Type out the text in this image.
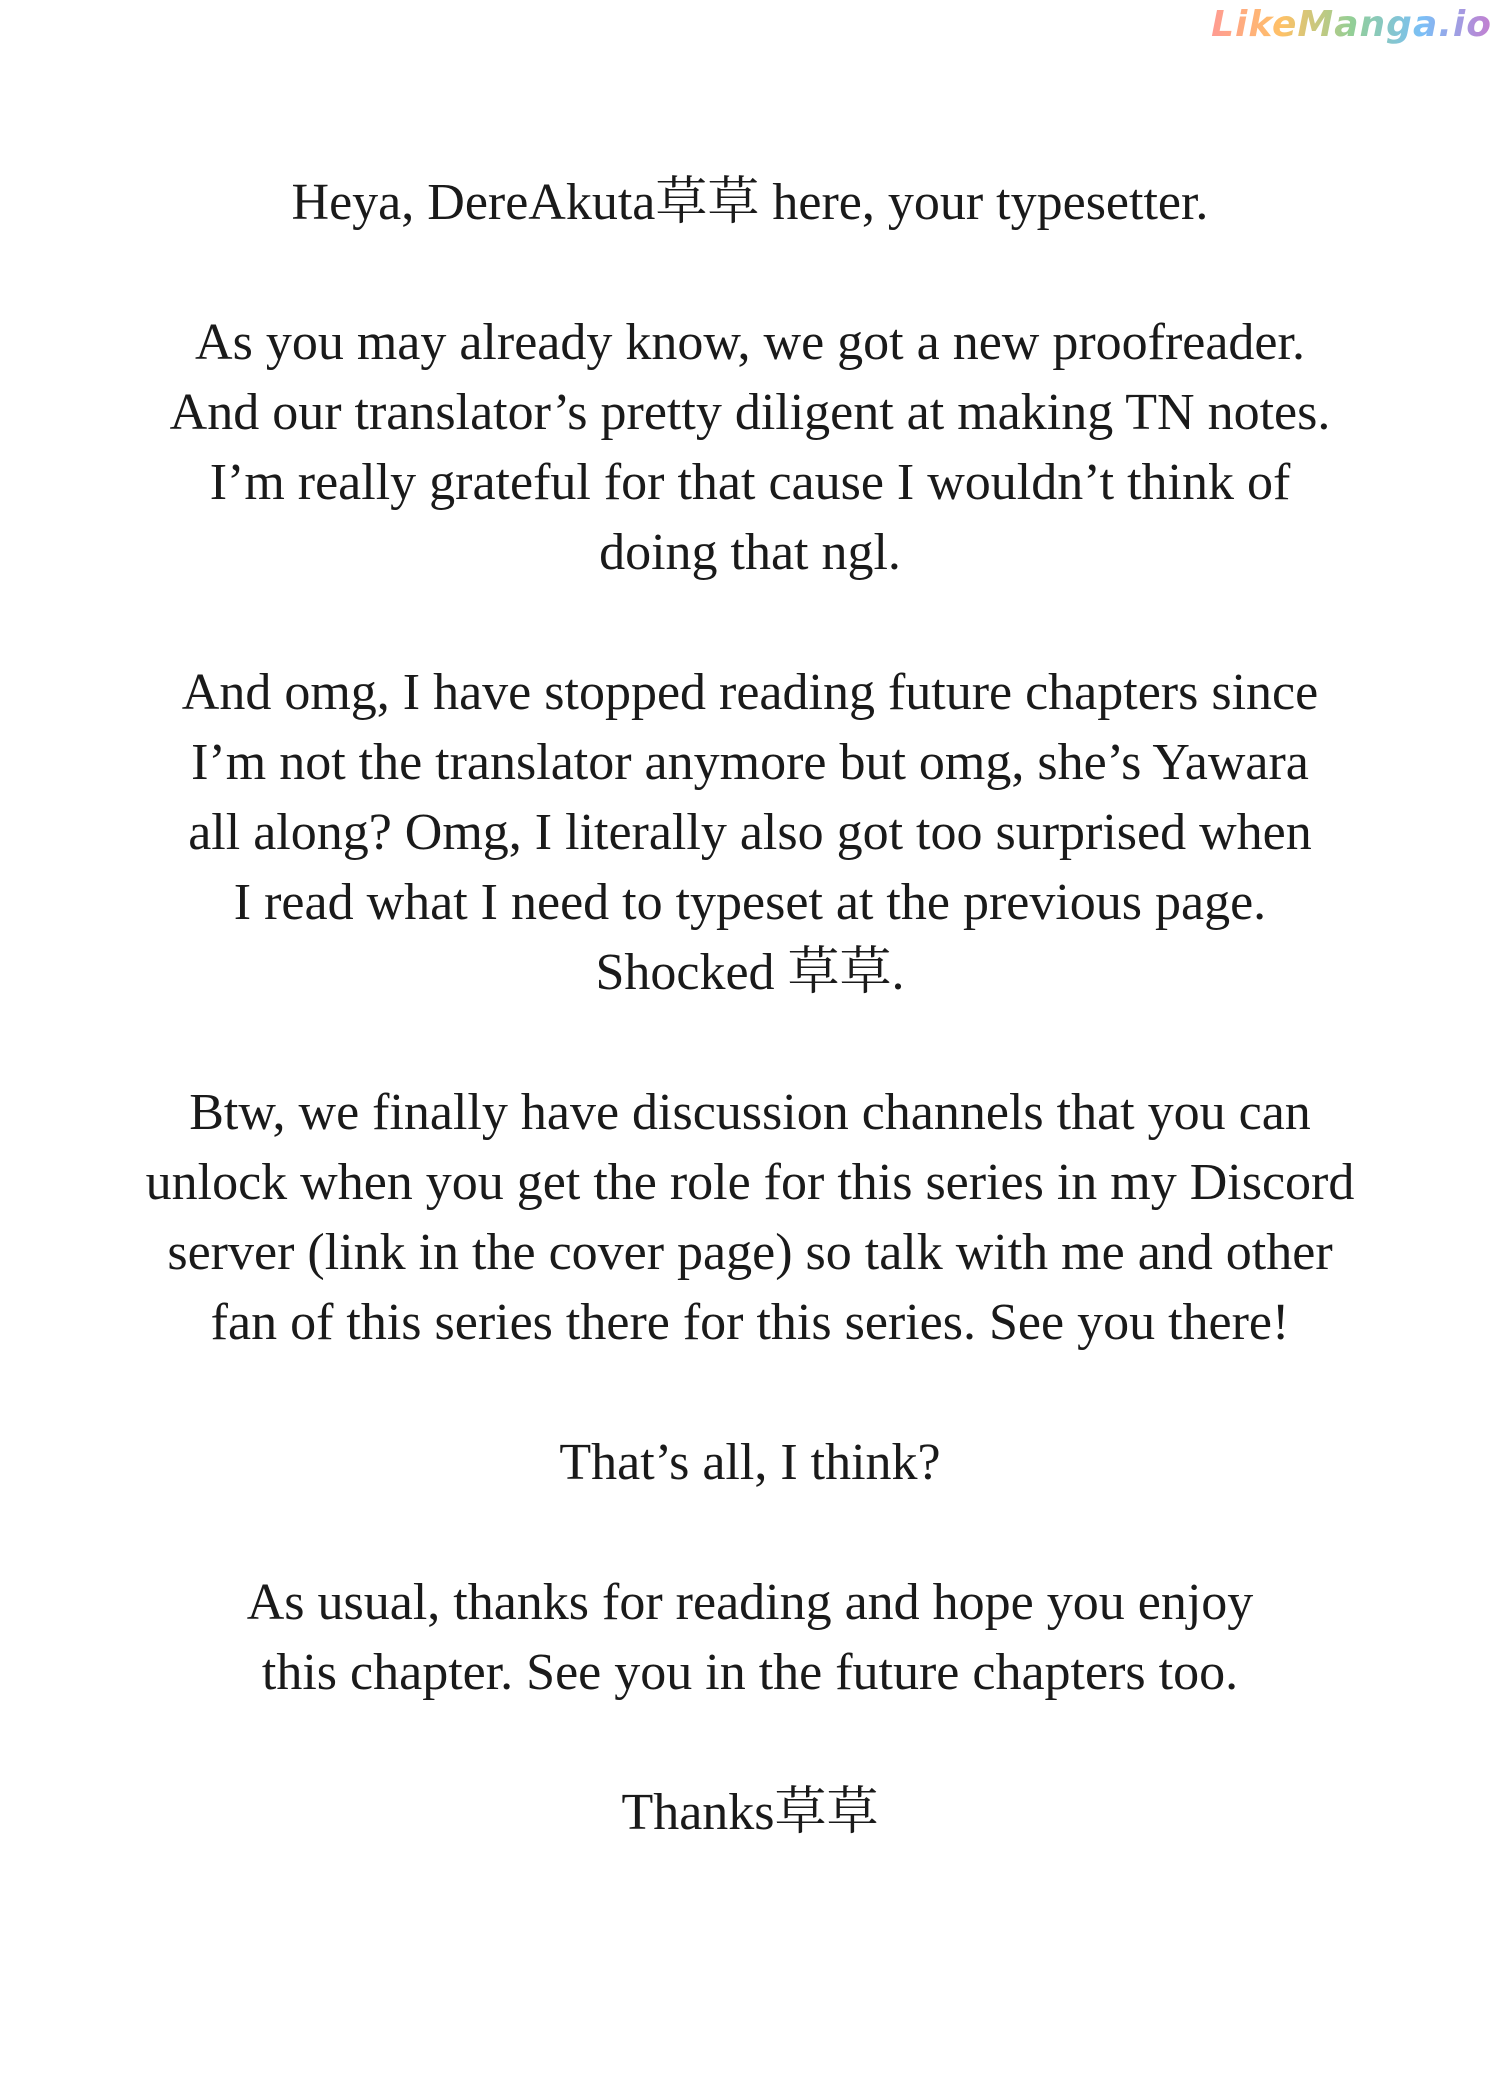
LikeManga.io
Heya, DereAkuta草草 here, your typesetter.
As you may already know, we got a new proofreader.
And our translator’s pretty diligent at making TN notes.
I’m really grateful for that cause I wouldn’t think of
doing that ngl.
And omg, I have stopped reading future chapters since
I’m not the translator anymore but omg, she’s Yawara
all along? Omg, I literally also got too surprised when
I read what I need to typeset at the previous page.
Shocked 草草.
Btw, we finally have discussion channels that you can
unlock when you get the role for this series in my Discord
server (link in the cover page) so talk with me and other
fan of this series there for this series. See you there!
That’s all, I think?
As usual, thanks for reading and hope you enjoy
this chapter. See you in the future chapters too.
Thanks草草
